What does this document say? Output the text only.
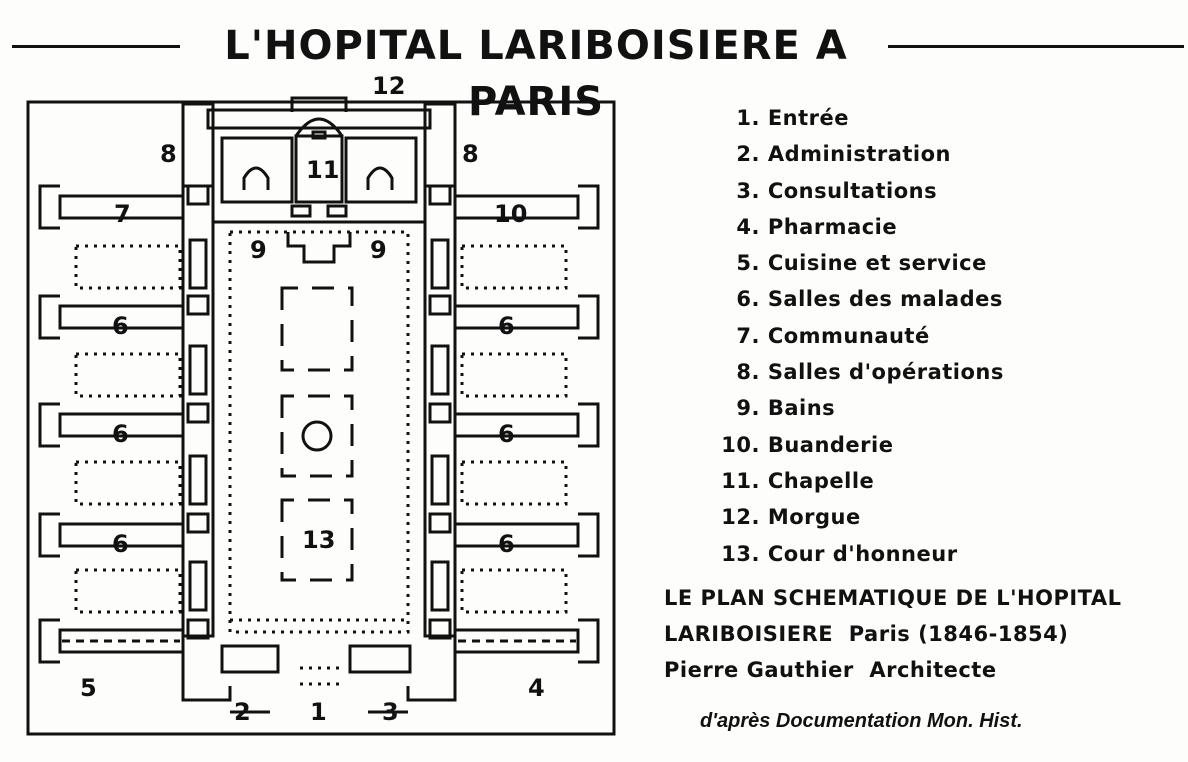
L'HOPITAL LARIBOISIERE A PARIS
12
8	8
11
7	10
9	9
6
6
6
6
6
6
13
5	4
2 1 3
1. Entrée
2. Administration
3. Consultations
4. Pharmacie
5. Cuisine et service
6. Salles des malades
7. Communauté
8. Salles d'opérations
9. Bains
10. Buanderie
11. Chapelle
12. Morgue
13. Cour d'honneur
LE PLAN SCHEMATIQUE DE L'HOPITAL
LARIBOISIERE  Paris (1846-1854)
Pierre Gauthier  Architecte
d'après Documentation Mon. Hist.
